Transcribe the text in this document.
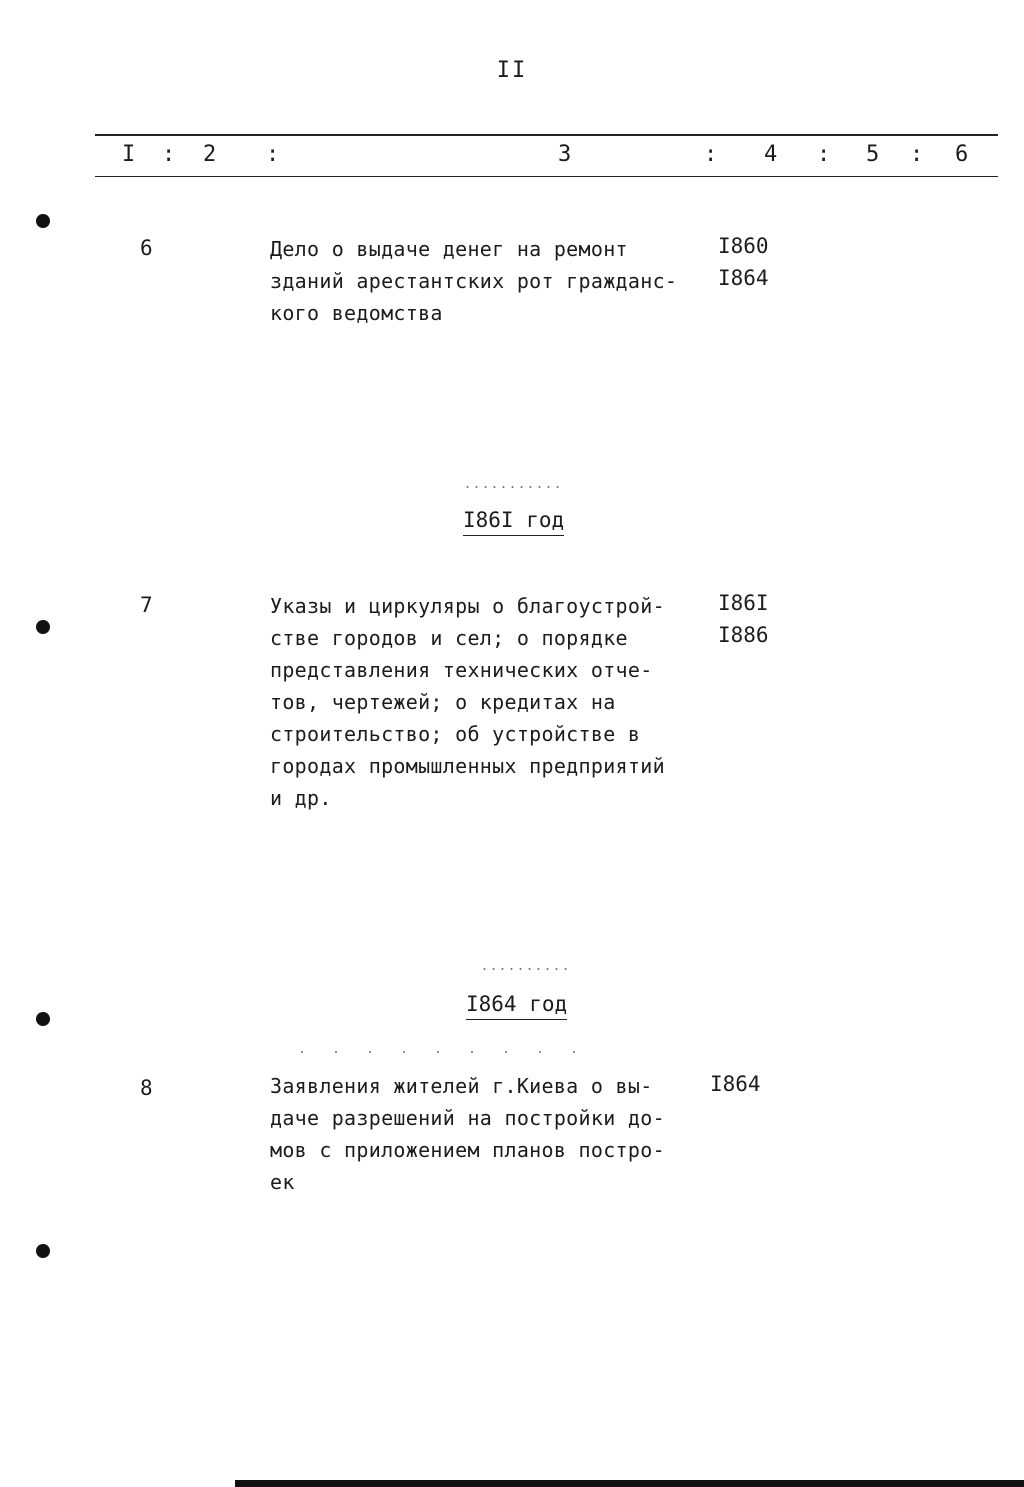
II
I : 2 :	3	: 4 : 5 : 6
6	Дело о выдаче денег на ремонт
зданий арестантских рот гражданс-
кого ведомства
I860
I864
I86I год
7	Указы и циркуляры о благоустрой-
стве городов и сел; о порядке
представления технических отче-
тов, чертежей; о кредитах на
строительство; об устройстве в
городах промышленных предприятий
и др.
I86I
I886
I864 год
8	Заявления жителей г.Киева о вы-
даче разрешений на постройки до-
мов с приложением планов постро-
ек
I864
